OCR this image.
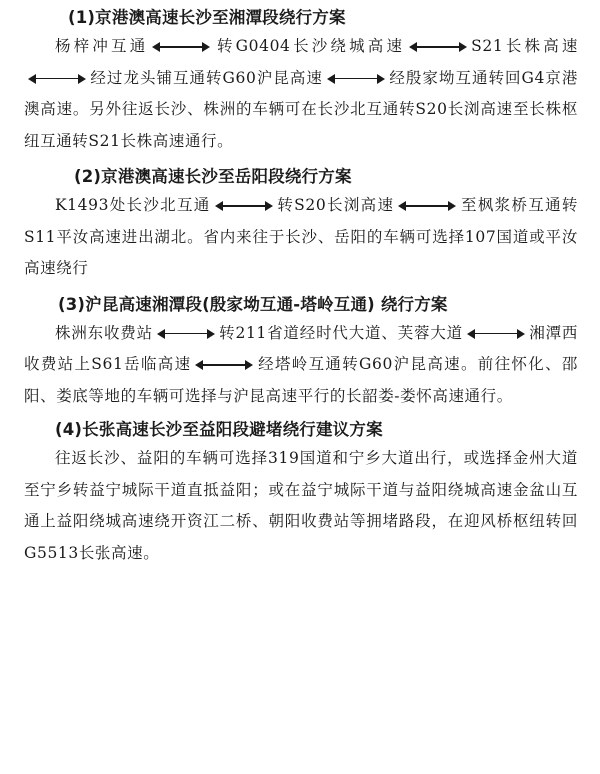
(1)京港澳高速长沙至湘潭段绕行方案

杨梓冲互通	转G0404长沙绕城高速	S21长株高速
经过龙头铺互通转G60沪昆高速	经殷家坳互通转回G4京港澳高速。另外往返长沙、株洲的车辆可在长沙北互通转S20长浏高速至长株枢纽互通转S21长株高速通行。

(2)京港澳高速长沙至岳阳段绕行方案

K1493处长沙北互通	转S20长浏高速	至枫浆桥互通转S11平汝高速进出湖北。省内来往于长沙、岳阳的车辆可选择107国道或平汝高速绕行

(3)沪昆高速湘潭段(殷家坳互通-塔岭互通) 绕行方案

株洲东收费站	转211省道经时代大道、芙蓉大道	湘潭西收费站上S61岳临高速	经塔岭互通转G60沪昆高速。前往怀化、邵阳、娄底等地的车辆可选择与沪昆高速平行的长韶娄-娄怀高速通行。

(4)长张高速长沙至益阳段避堵绕行建议方案

往返长沙、益阳的车辆可选择319国道和宁乡大道出行，或选择金州大道至宁乡转益宁城际干道直抵益阳；或在益宁城际干道与益阳绕城高速金盆山互通上益阳绕城高速绕开资江二桥、朝阳收费站等拥堵路段，在迎风桥枢纽转回G5513长张高速。
